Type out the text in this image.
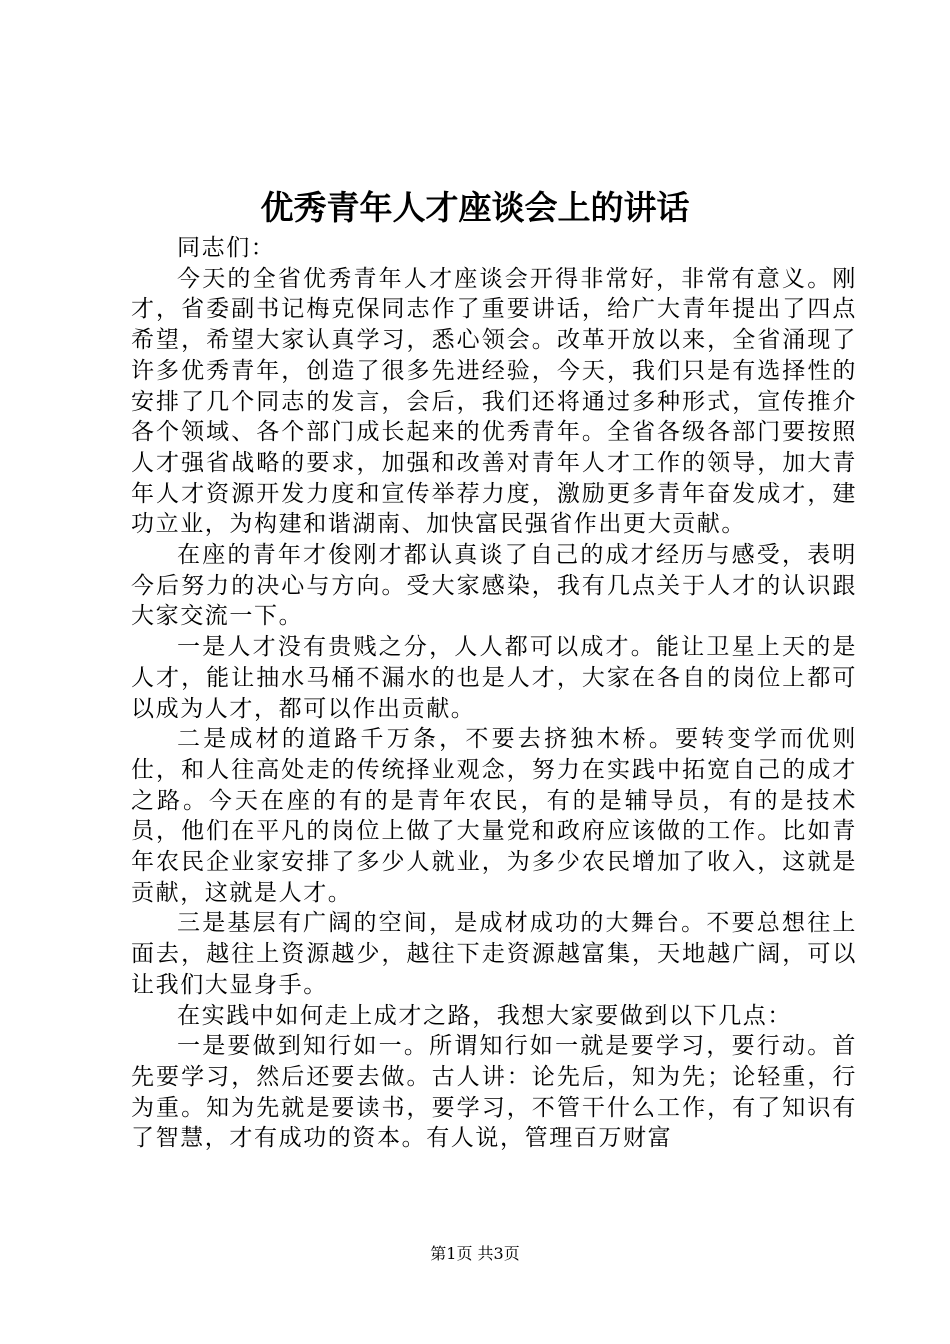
优秀青年人才座谈会上的讲话

同志们：

今天的全省优秀青年人才座谈会开得非常好，非常有意义。刚才，省委副书记梅克保同志作了重要讲话，给广大青年提出了四点希望，希望大家认真学习，悉心领会。改革开放以来，全省涌现了许多优秀青年，创造了很多先进经验，今天，我们只是有选择性的安排了几个同志的发言，会后，我们还将通过多种形式，宣传推介各个领域、各个部门成长起来的优秀青年。全省各级各部门要按照人才强省战略的要求，加强和改善对青年人才工作的领导，加大青年人才资源开发力度和宣传举荐力度，激励更多青年奋发成才，建功立业，为构建和谐湖南、加快富民强省作出更大贡献。

在座的青年才俊刚才都认真谈了自己的成才经历与感受，表明今后努力的决心与方向。受大家感染，我有几点关于人才的认识跟大家交流一下。

一是人才没有贵贱之分，人人都可以成才。能让卫星上天的是人才，能让抽水马桶不漏水的也是人才，大家在各自的岗位上都可以成为人才，都可以作出贡献。

二是成材的道路千万条，不要去挤独木桥。要转变学而优则仕，和人往高处走的传统择业观念，努力在实践中拓宽自己的成才之路。今天在座的有的是青年农民，有的是辅导员，有的是技术员，他们在平凡的岗位上做了大量党和政府应该做的工作。比如青年农民企业家安排了多少人就业，为多少农民增加了收入，这就是贡献，这就是人才。

三是基层有广阔的空间，是成材成功的大舞台。不要总想往上面去，越往上资源越少，越往下走资源越富集，天地越广阔，可以让我们大显身手。

在实践中如何走上成才之路，我想大家要做到以下几点：

一是要做到知行如一。所谓知行如一就是要学习，要行动。首先要学习，然后还要去做。古人讲：论先后，知为先；论轻重，行为重。知为先就是要读书，要学习，不管干什么工作，有了知识有了智慧，才有成功的资本。有人说，管理百万财富

第1页 共3页
